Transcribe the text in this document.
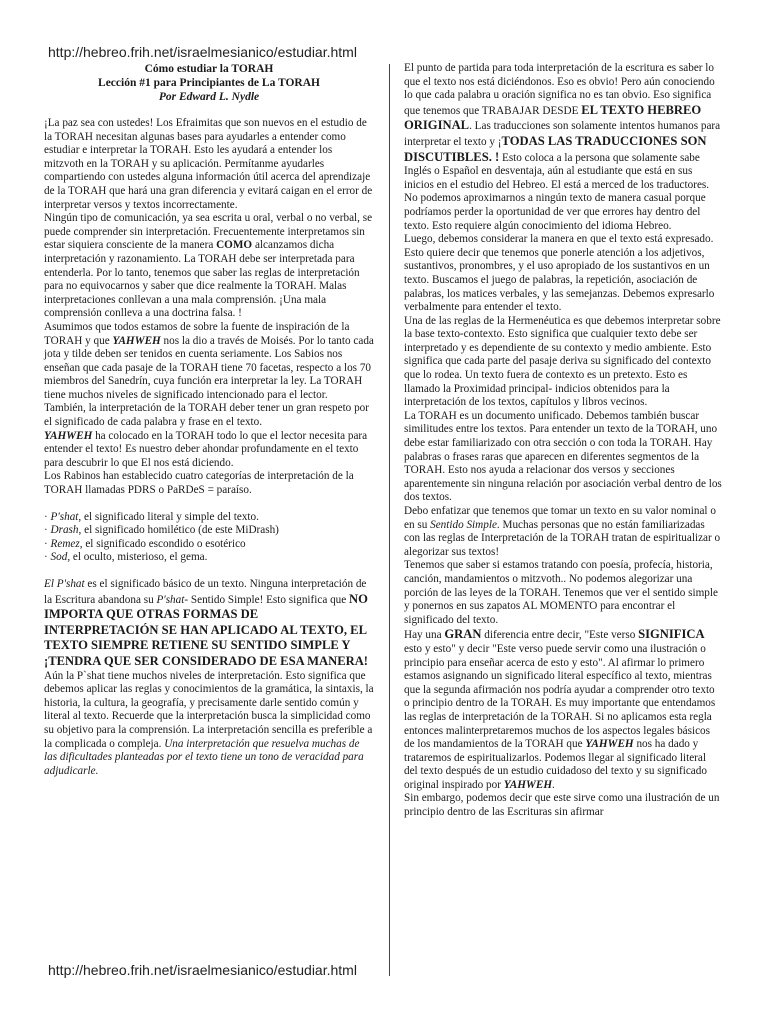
http://hebreo.frih.net/israelmesianico/estudiar.html

Cómo estudiar la TORAH

Lección #1 para Principiantes de La TORAH

Por Edward L. Nydle

¡La paz sea con ustedes! Los Efraimitas que son nuevos en el estudio de la TORAH necesitan algunas bases para ayudarles a entender como estudiar e interpretar la TORAH. Esto les ayudará a entender los mitzvoth en la TORAH y su aplicación. Permítanme ayudarles compartiendo con ustedes alguna información útil acerca del aprendizaje de la TORAH que hará una gran diferencia y evitará caigan en el error de interpretar versos y textos incorrectamente.

Ningún tipo de comunicación, ya sea escrita u oral, verbal o no verbal, se puede comprender sin interpretación. Frecuentemente interpretamos sin estar siquiera consciente de la manera COMO alcanzamos dicha interpretación y razonamiento. La TORAH debe ser interpretada para entenderla. Por lo tanto, tenemos que saber las reglas de interpretación para no equivocarnos y saber que dice realmente la TORAH. Malas interpretaciones conllevan a una mala comprensión. ¡Una mala comprensión conlleva a una doctrina falsa. !

Asumimos que todos estamos de sobre la fuente de inspiración de la TORAH y que YAHWEH nos la dio a través de Moisés. Por lo tanto cada jota y tilde deben ser tenidos en cuenta seriamente. Los Sabios nos enseñan que cada pasaje de la TORAH tiene 70 facetas, respecto a los 70 miembros del Sanedrín, cuya función era interpretar la ley. La TORAH tiene muchos niveles de significado intencionado para el lector.

También, la interpretación de la TORAH deber tener un gran respeto por el significado de cada palabra y frase en el texto.

YAHWEH ha colocado en la TORAH todo lo que el lector necesita para entender el texto! Es nuestro deber ahondar profundamente en el texto para descubrir lo que El nos está diciendo.

Los Rabinos han establecido cuatro categorías de interpretación de la TORAH llamadas PDRS o PaRDeS = paraíso.

· P'shat, el significado literal y simple del texto.

· Drash, el significado homilético (de este MiDrash)

· Remez, el significado escondido o esotérico

· Sod, el oculto, misterioso, el gema.

El P'shat es el significado básico de un texto. Ninguna interpretación de la Escritura abandona su P'shat- Sentido Simple! Esto significa que NO IMPORTA QUE OTRAS FORMAS DE INTERPRETACIÓN SE HAN APLICADO AL TEXTO, EL TEXTO SIEMPRE RETIENE SU SENTIDO SIMPLE Y ¡TENDRA QUE SER CONSIDERADO DE ESA MANERA! Aún la P`shat tiene muchos niveles de interpretación. Esto significa que debemos aplicar las reglas y conocimientos de la gramática, la sintaxis, la historia, la cultura, la geografía, y precisamente darle sentido común y literal al texto. Recuerde que la interpretación busca la simplicidad como su objetivo para la comprensión. La interpretación sencilla es preferible a la complicada o compleja. Una interpretación que resuelva muchas de las dificultades planteadas por el texto tiene un tono de veracidad para adjudicarle.

El punto de partida para toda interpretación de la escritura es saber lo que el texto nos está diciéndonos. Eso es obvio! Pero aún conociendo lo que cada palabra u oración significa no es tan obvio. Eso significa que tenemos que TRABAJAR DESDE EL TEXTO HEBREO ORIGINAL. Las traducciones son solamente intentos humanos para interpretar el texto y ¡TODAS LAS TRADUCCIONES SON DISCUTIBLES. ! Esto coloca a la persona que solamente sabe Inglés o Español en desventaja, aún al estudiante que está en sus inicios en el estudio del Hebreo. El está a merced de los traductores. No podemos aproximarnos a ningún texto de manera casual porque podríamos perder la oportunidad de ver que errores hay dentro del texto. Esto requiere algún conocimiento del idioma Hebreo.

Luego, debemos considerar la manera en que el texto está expresado. Esto quiere decir que tenemos que ponerle atención a los adjetivos, sustantivos, pronombres, y el uso apropiado de los sustantivos en un texto. Buscamos el juego de palabras, la repetición, asociación de palabras, los matices verbales, y las semejanzas. Debemos expresarlo verbalmente para entender el texto.

Una de las reglas de la Hermenéutica es que debemos interpretar sobre la base texto-contexto. Esto significa que cualquier texto debe ser interpretado y es dependiente de su contexto y medio ambiente. Esto significa que cada parte del pasaje deriva su significado del contexto que lo rodea. Un texto fuera de contexto es un pretexto. Esto es llamado la Proximidad principal- indicios obtenidos para la interpretación de los textos, capítulos y libros vecinos.

La TORAH es un documento unificado. Debemos también buscar similitudes entre los textos. Para entender un texto de la TORAH, uno debe estar familiarizado con otra sección o con toda la TORAH. Hay palabras o frases raras que aparecen en diferentes segmentos de la TORAH. Esto nos ayuda a relacionar dos versos y secciones aparentemente sin ninguna relación por asociación verbal dentro de los dos textos.

Debo enfatizar que tenemos que tomar un texto en su valor nominal o en su Sentido Simple. Muchas personas que no están familiarizadas con las reglas de Interpretación de la TORAH tratan de espiritualizar o alegorizar sus textos!

Tenemos que saber si estamos tratando con poesía, profecía, historia, canción, mandamientos o mitzvoth.. No podemos alegorizar una porción de las leyes de la TORAH. Tenemos que ver el sentido simple y ponernos en sus zapatos AL MOMENTO para encontrar el significado del texto.

Hay una GRAN diferencia entre decir, "Este verso SIGNIFICA esto y esto" y decir "Este verso puede servir como una ilustración o principio para enseñar acerca de esto y esto". Al afirmar lo primero estamos asignando un significado literal específico al texto, mientras que la segunda afirmación nos podría ayudar a comprender otro texto o principio dentro de la TORAH. Es muy importante que entendamos las reglas de interpretación de la TORAH. Si no aplicamos esta regla entonces malinterpretaremos muchos de los aspectos legales básicos de los mandamientos de la TORAH que YAHWEH nos ha dado y trataremos de espiritualizarlos. Podemos llegar al significado literal del texto después de un estudio cuidadoso del texto y su significado original inspirado por YAHWEH.

Sin embargo, podemos decir que este sirve como una ilustración de un principio dentro de las Escrituras sin afirmar

http://hebreo.frih.net/israelmesianico/estudiar.html
